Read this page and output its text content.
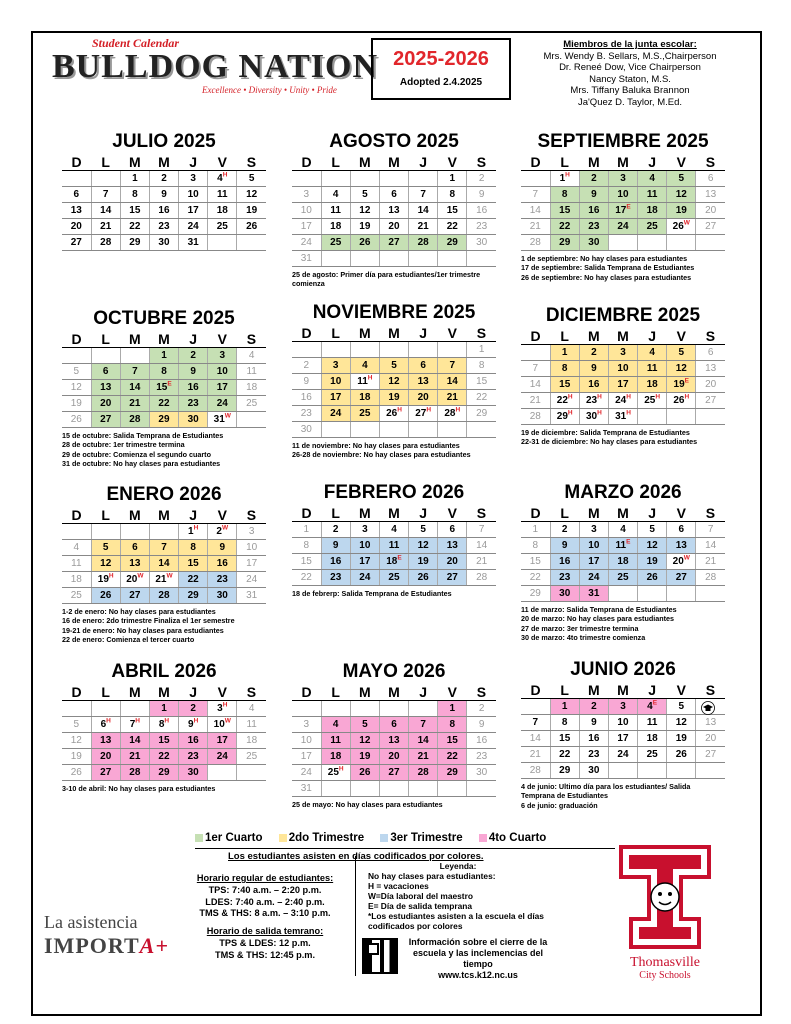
Student Calendar
BULLDOG NATION
Excellence • Diversity • Unity • Pride
2025-2026
Adopted 2.4.2025
Miembros de la junta escolar:
Mrs. Wendy B. Sellars, M.S.,Chairperson
Dr. Reneé Dow, Vice Chairperson
Nancy Staton, M.S.
Mrs. Tiffany Baluka Brannon
Ja'Quez D. Taylor, M.Ed.
JULIO 2025
D	L	M	M	J	V	S
		1	2	3	$4^H$	5
6	7	8	9	10	11	12
13	14	15	16	17	18	19
20	21	22	23	24	25	26
27	28	29	30	31		
AGOSTO 2025
D	L	M	M	J	V	S
					1	2
3	4	5	6	7	8	9
10	11	12	13	14	15	16
17	18	19	20	21	22	23
24	25	26	27	28	29	30
31						
25 de agosto: Primer día para estudiantes/1er trimestre comienza
SEPTIEMBRE 2025
D	L	M	M	J	V	S
	$1^H$	2	3	4	5	6
7	8	9	10	11	12	13
14	15	16	$17^E$	18	19	20
21	22	23	24	25	$26^W$	27
28	29	30				
1 de septiembre: No hay clases para estudiantes
17 de septiembre: Salida Temprana de Estudiantes
26 de septiembre: No hay clases para estudiantes
OCTUBRE 2025
D	L	M	M	J	V	S
			1	2	3	4
5	6	7	8	9	10	11
12	13	14	$15^E$	16	17	18
19	20	21	22	23	24	25
26	27	28	29	30	$31^W$	
15 de octubre: Salida Temprana de Estudiantes
28 de octubre: 1er trimestre termina
29 de octubre: Comienza el segundo cuarto
31 de octubre: No hay clases para estudiantes
NOVIEMBRE 2025
D	L	M	M	J	V	S
						1
2	3	4	5	6	7	8
9	10	$11^H$	12	13	14	15
16	17	18	19	20	21	22
23	24	25	$26^H$	$27^H$	$28^H$	29
30						
11 de noviembre: No hay clases para estudiantes
26-28 de noviembre: No hay clases para estudiantes
DICIEMBRE 2025
D	L	M	M	J	V	S
	1	2	3	4	5	6
7	8	9	10	11	12	13
14	15	16	17	18	$19^E$	20
21	$22^H$	$23^H$	$24^H$	$25^H$	$26^H$	27
28	$29^H$	$30^H$	$31^H$			
19 de diciembre: Salida Temprana de Estudiantes
22-31 de diciembre: No hay clases para estudiantes
ENERO 2026
D	L	M	M	J	V	S
				$1^H$	$2^W$	3
4	5	6	7	8	9	10
11	12	13	14	15	16	17
18	$19^H$	$20^W$	$21^W$	22	23	24
25	26	27	28	29	30	31
1-2 de enero: No hay clases para estudiantes
16 de enero: 2do trimestre Finaliza el 1er semestre
19-21 de enero: No hay clases para estudiantes
22 de enero: Comienza el tercer cuarto
FEBRERO 2026
D	L	M	M	J	V	S
1	2	3	4	5	6	7
8	9	10	11	12	13	14
15	16	17	$18^E$	19	20	21
22	23	24	25	26	27	28
18 de febrerp: Salida Temprana de Estudiantes
MARZO 2026
D	L	M	M	J	V	S
1	2	3	4	5	6	7
8	9	10	$11^E$	12	13	14
15	16	17	18	19	$20^W$	21
22	23	24	25	26	27	28
29	30	31				
11 de marzo: Salida Temprana de Estudiantes
20 de marzo: No hay clases para estudiantes
27 de marzo: 3er trimestre termina
30 de marzo: 4to trimestre comienza
ABRIL 2026
D	L	M	M	J	V	S
			1	2	$3^H$	4
5	$6^H$	$7^H$	$8^H$	$9^H$	$10^W$	11
12	13	14	15	16	17	18
19	20	21	22	23	24	25
26	27	28	29	30		
3-10 de abril: No hay clases para estudiantes
MAYO 2026
D	L	M	M	J	V	S
					1	2
3	4	5	6	7	8	9
10	11	12	13	14	15	16
17	18	19	20	21	22	23
24	$25^H$	26	27	28	29	30
31						
25 de mayo: No hay clases para estudiantes
JUNIO 2026
D	L	M	M	J	V	S
	1	2	3	$4^E$	5	
7	8	9	10	11	12	13
14	15	16	17	18	19	20
21	22	23	24	25	26	27
28	29	30				
4 de junio: Ultimo día para los estudiantes/ Salida Temprana de Estudiantes
6 de junio: graduación
1er Cuarto 2do Trimestre 3er Trimestre 4to Cuarto
Los estudiantes asisten en días codificados por colores.
Horario regular de estudiantes:
TPS: 7:40 a.m. – 2:20 p.m.
LDES: 7:40 a.m. – 2:40 p.m.
TMS & THS: 8 a.m. – 3:10 p.m.
Horario de salida temrano:
TPS & LDES: 12 p.m.
TMS & THS: 12:45 p.m.
Leyenda:
No hay clases para estudiantes:
H = vacaciones
W=Día laboral del maestro
E= Día de salida temprana
*Los estudiantes asisten a la escuela el días codificados por colores
Información sobre el cierre de la escuela y las inclemencias del tiempo
www.tcs.k12.nc.us
La asistencia
IMPORTA+
Thomasville
City Schools
